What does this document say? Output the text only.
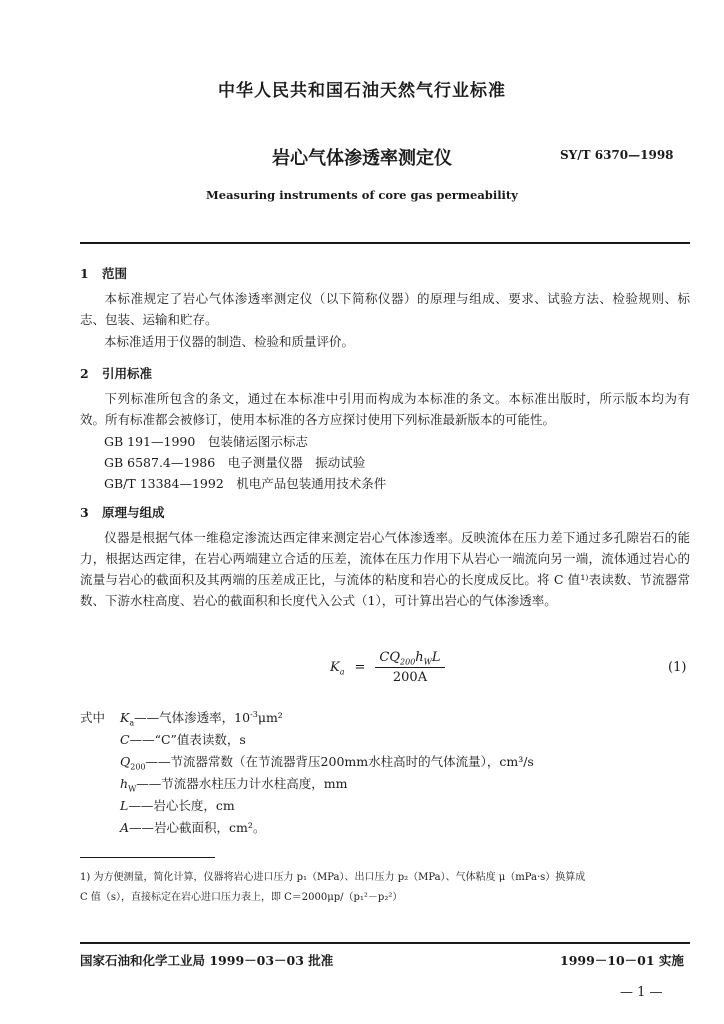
中华人民共和国石油天然气行业标准
岩心气体渗透率测定仪	SY/T 6370—1998
Measuring instruments of core gas permeability
1 范围
本标准规定了岩心气体渗透率测定仪（以下简称仪器）的原理与组成、要求、试验方法、检验规则、标志、包装、运输和贮存。
本标准适用于仪器的制造、检验和质量评价。
2 引用标准
下列标准所包含的条文，通过在本标准中引用而构成为本标准的条文。本标准出版时，所示版本均为有效。所有标准都会被修订，使用本标准的各方应探讨使用下列标准最新版本的可能性。
GB 191—1990　包装储运图示标志
GB 6587.4—1986　电子测量仪器　振动试验
GB/T 13384—1992　机电产品包装通用技术条件
3 原理与组成
仪器是根据气体一维稳定渗流达西定律来测定岩心气体渗透率。反映流体在压力差下通过多孔隙岩石的能力，根据达西定律，在岩心两端建立合适的压差，流体在压力作用下从岩心一端流向另一端，流体通过岩心的流量与岩心的截面积及其两端的压差成正比，与流体的粘度和岩心的长度成反比。将 C 值¹⁾表读数、节流器常数、下游水柱高度、岩心的截面积和长度代入公式（1），可计算出岩心的气体渗透率。
$K_a = \frac{CQ_{200}h_WL}{200A}$	(1)
式中 $K_a——$气体渗透率，$10^{-3}\mu m^2$
C——“C”值表读数，s
$Q_{200}——$节流器常数（在节流器背压200mm水柱高时的气体流量），cm³/s
$h_W——$节流器水柱压力计水柱高度，mm
L——岩心长度，cm
A——岩心截面积，cm²。
1) 为方便测量，简化计算，仪器将岩心进口压力 p₁（MPa）、出口压力 p₂（MPa）、气体粘度 μ（mPa·s）换算成
C 值（s），直接标定在岩心进口压力表上，即 C＝2000μp/（p₁²－p₂²）
国家石油和化学工业局 1999－03－03 批准	1999－10－01 实施
— 1 —
